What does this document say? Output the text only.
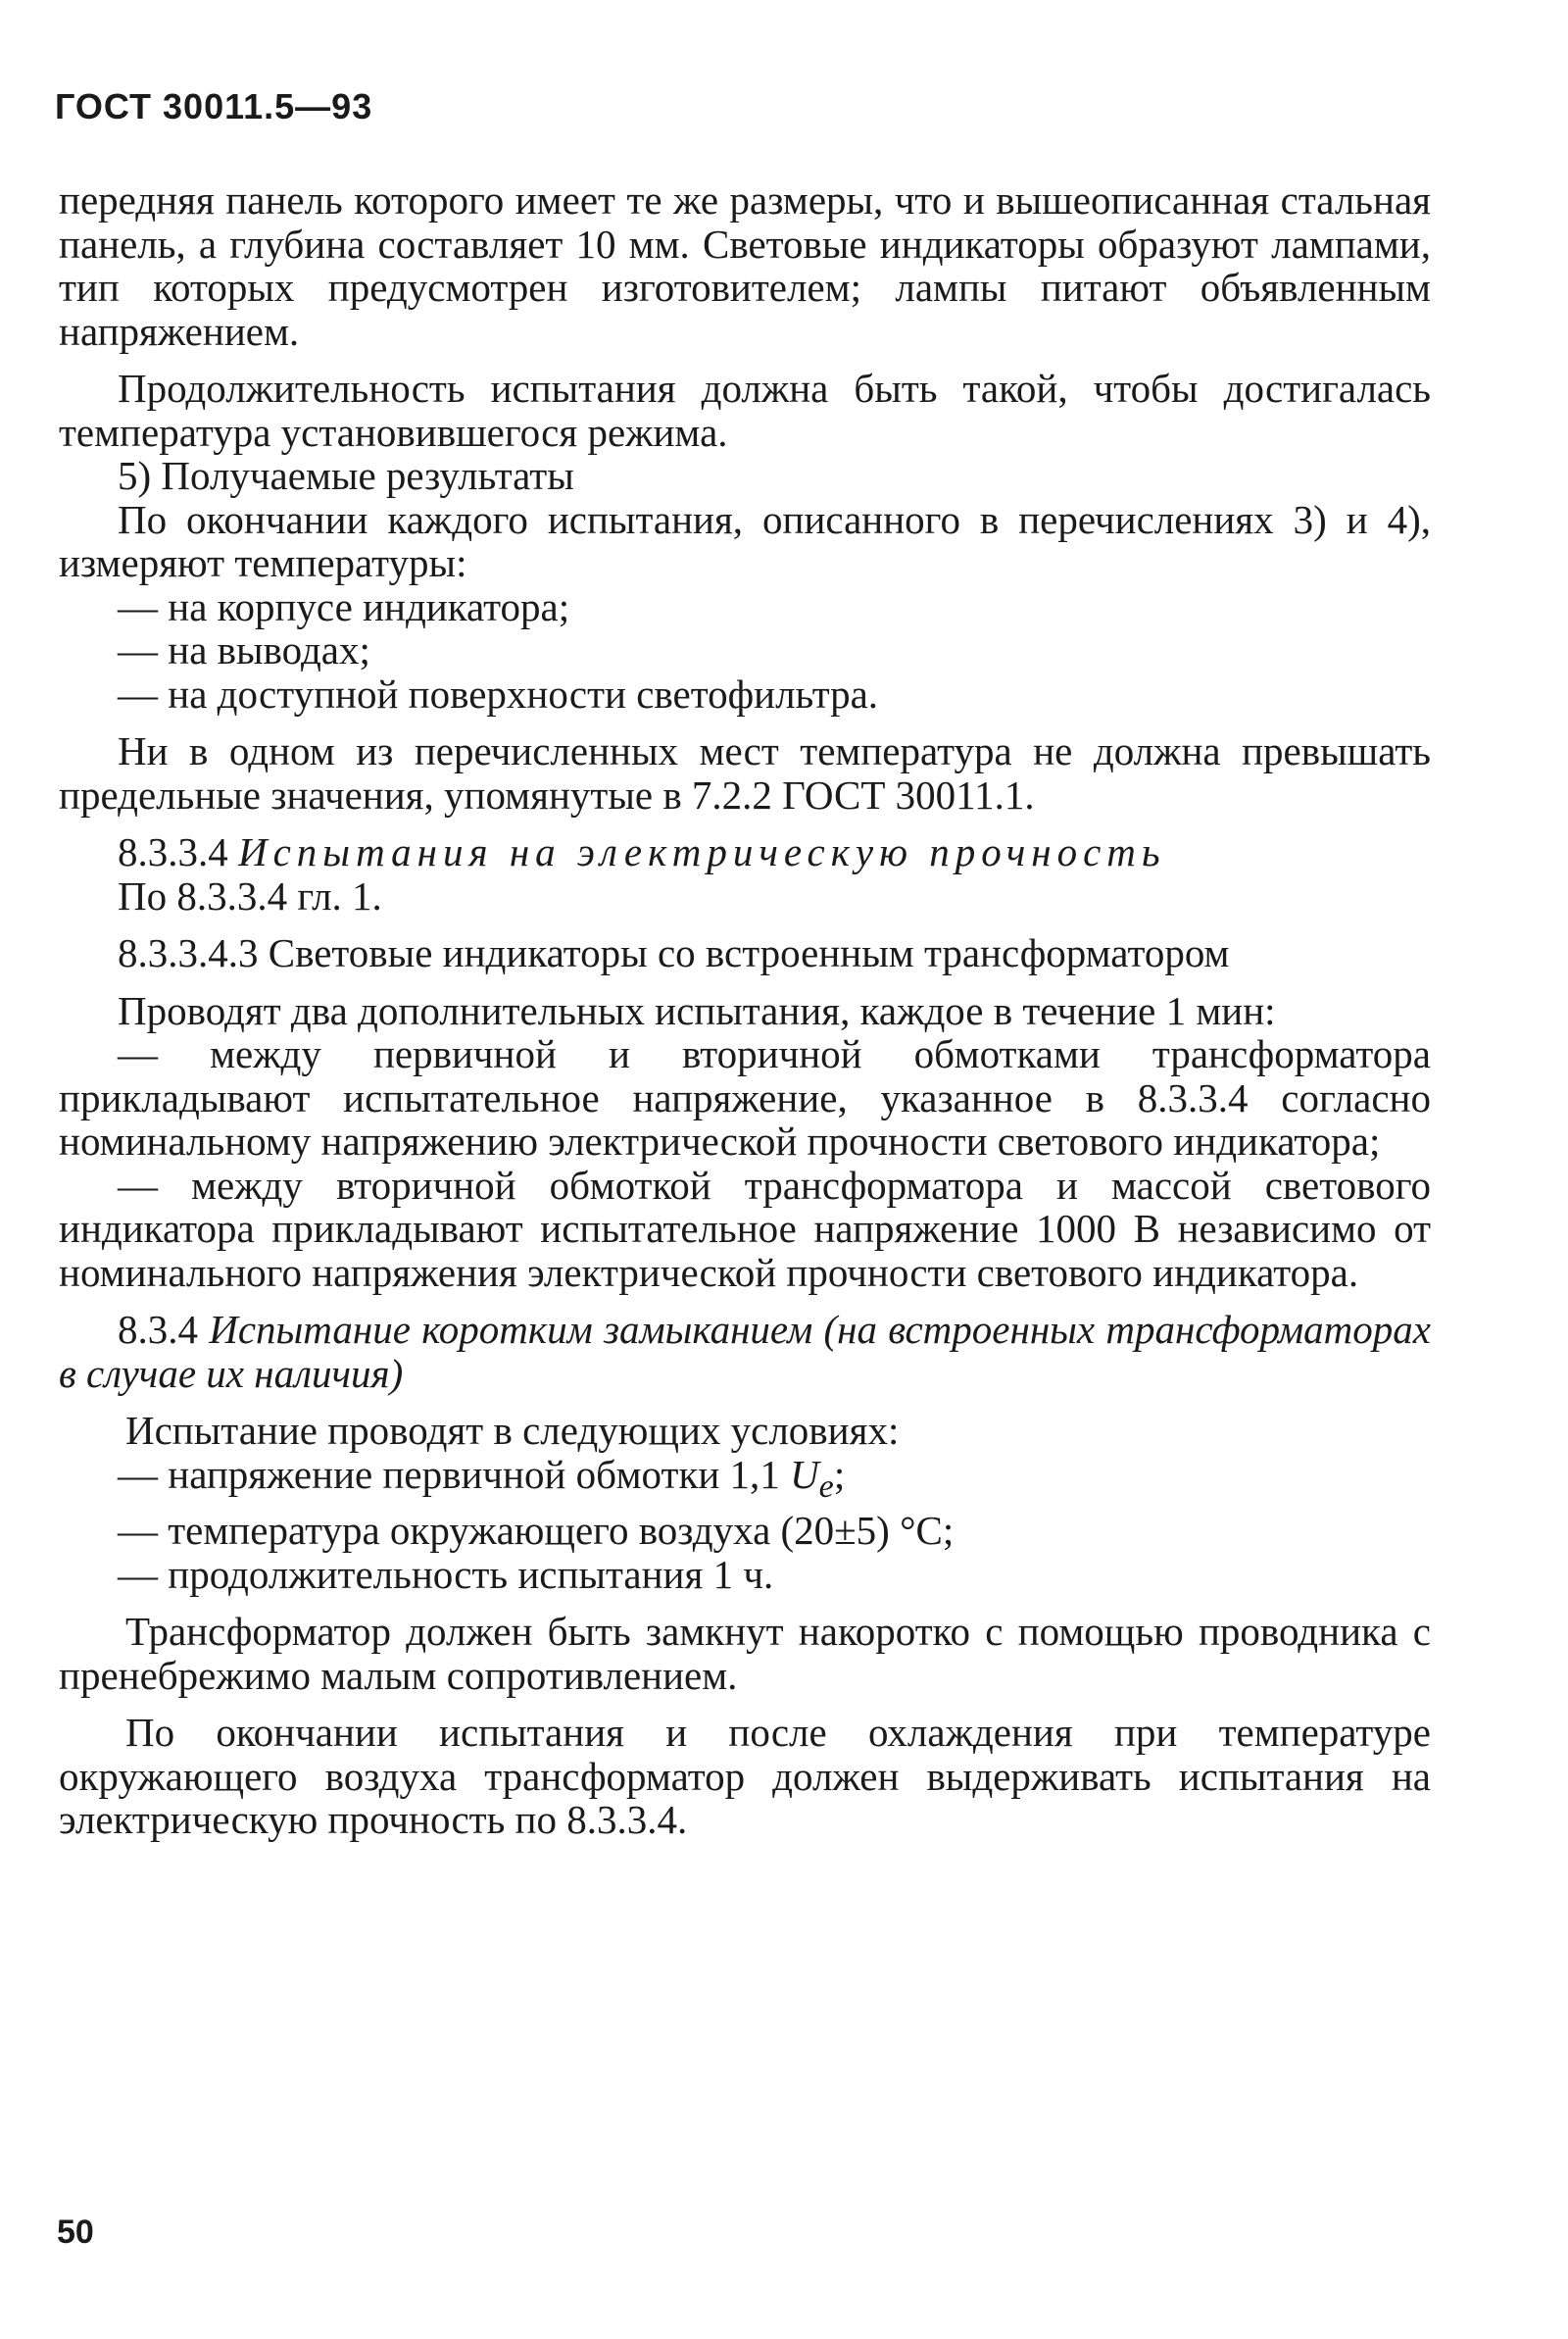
ГОСТ 30011.5—93

передняя панель которого имеет те же размеры, что и вышеописанная стальная панель, а глубина составляет 10 мм. Световые индикаторы образуют лампами, тип которых предусмотрен изготовителем; лампы питают объявленным напряжением.

Продолжительность испытания должна быть такой, чтобы достигалась температура установившегося режима.

5) Получаемые результаты

По окончании каждого испытания, описанного в перечислениях 3) и 4), измеряют температуры:

— на корпусе индикатора;

— на выводах;

— на доступной поверхности светофильтра.

Ни в одном из перечисленных мест температура не должна превышать предельные значения, упомянутые в 7.2.2 ГОСТ 30011.1.

8.3.3.4 Испытания на электрическую прочность

По 8.3.3.4 гл. 1.

8.3.3.4.3 Световые индикаторы со встроенным трансформатором

Проводят два дополнительных испытания, каждое в течение 1 мин:

— между первичной и вторичной обмотками трансформатора прикладывают испытательное напряжение, указанное в 8.3.3.4 согласно номинальному напряжению электрической прочности светового индикатора;

— между вторичной обмоткой трансформатора и массой светового индикатора прикладывают испытательное напряжение 1000 В независимо от номинального напряжения электрической прочности светового индикатора.

8.3.4 Испытание коротким замыканием (на встроенных трансформаторах в случае их наличия)

Испытание проводят в следующих условиях:

— напряжение первичной обмотки 1,1 $U_e$;

— температура окружающего воздуха (20±5) °С;

— продолжительность испытания 1 ч.

Трансформатор должен быть замкнут накоротко с помощью проводника с пренебрежимо малым сопротивлением.

По окончании испытания и после охлаждения при температуре окружающего воздуха трансформатор должен выдерживать испытания на электрическую прочность по 8.3.3.4.

50
